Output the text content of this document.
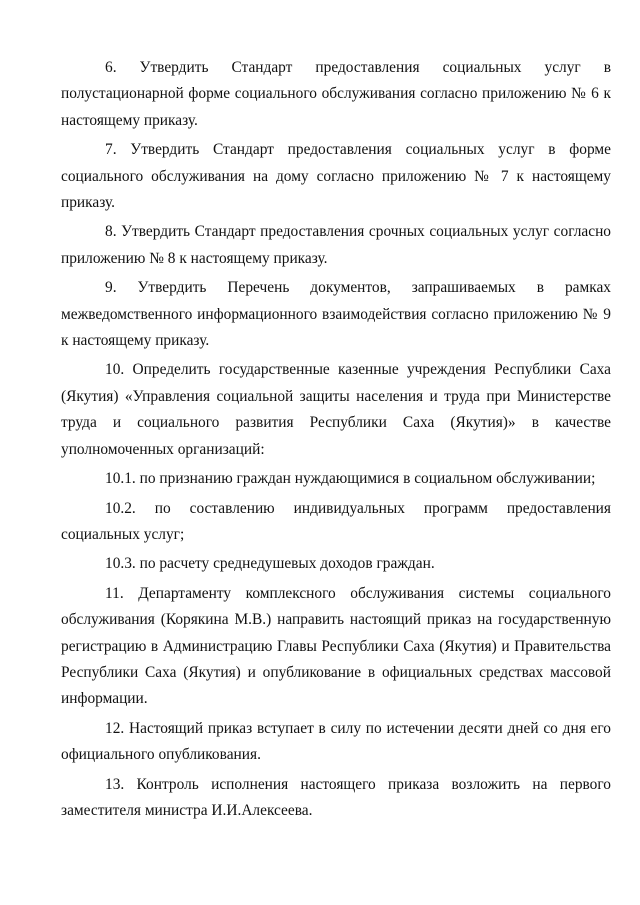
6. Утвердить Стандарт предоставления социальных услуг в полустационарной форме социального обслуживания согласно приложению № 6 к настоящему приказу.

7. Утвердить Стандарт предоставления социальных услуг в форме социального обслуживания на дому согласно приложению № 7 к настоящему приказу.

8. Утвердить Стандарт предоставления срочных социальных услуг согласно приложению № 8 к настоящему приказу.

9. Утвердить Перечень документов, запрашиваемых в рамках межведомственного информационного взаимодействия согласно приложению № 9 к настоящему приказу.

10. Определить государственные казенные учреждения Республики Саха (Якутия) «Управления социальной защиты населения и труда при Министерстве труда и социального развития Республики Саха (Якутия)» в качестве уполномоченных организаций:

10.1. по признанию граждан нуждающимися в социальном обслуживании;

10.2. по составлению индивидуальных программ предоставления социальных услуг;

10.3. по расчету среднедушевых доходов граждан.

11. Департаменту комплексного обслуживания системы социального обслуживания (Корякина М.В.) направить настоящий приказ на государственную регистрацию в Администрацию Главы Республики Саха (Якутия) и Правительства Республики Саха (Якутия) и опубликование в официальных средствах массовой информации.

12. Настоящий приказ вступает в силу по истечении десяти дней со дня его официального опубликования.

13. Контроль исполнения настоящего приказа возложить на первого заместителя министра И.И.Алексеева.
